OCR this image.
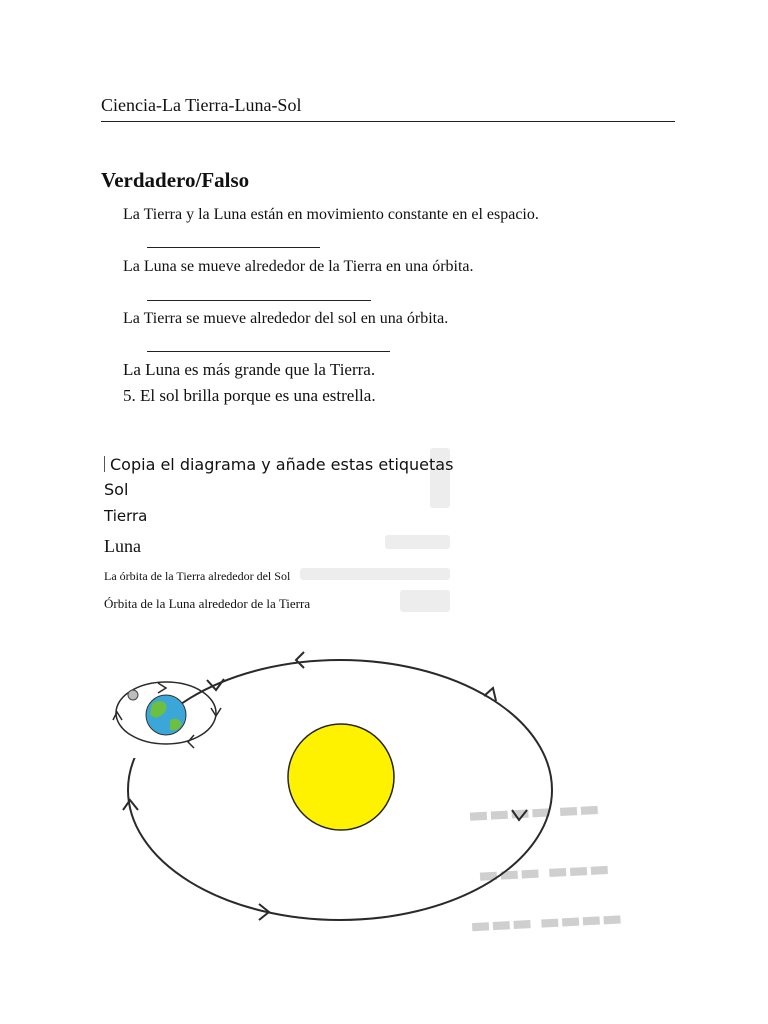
Ciencia-La Tierra-Luna-Sol
Verdadero/Falso
La Tierra y la Luna están en movimiento constante en el espacio.
La Luna se mueve alrededor de la Tierra en una órbita.
La Tierra se mueve alrededor del sol en una órbita.
La Luna es más grande que la Tierra.
5. El sol brilla porque es una estrella.
Copia el diagrama y añade estas etiquetas
Sol
Tierra
Luna
La órbita de la Tierra alrededor del Sol
Órbita de la Luna alrededor de la Tierra
▬▬▬▬ ▬▬
▬▬▬ ▬▬▬
▬▬▬ ▬▬▬▬
